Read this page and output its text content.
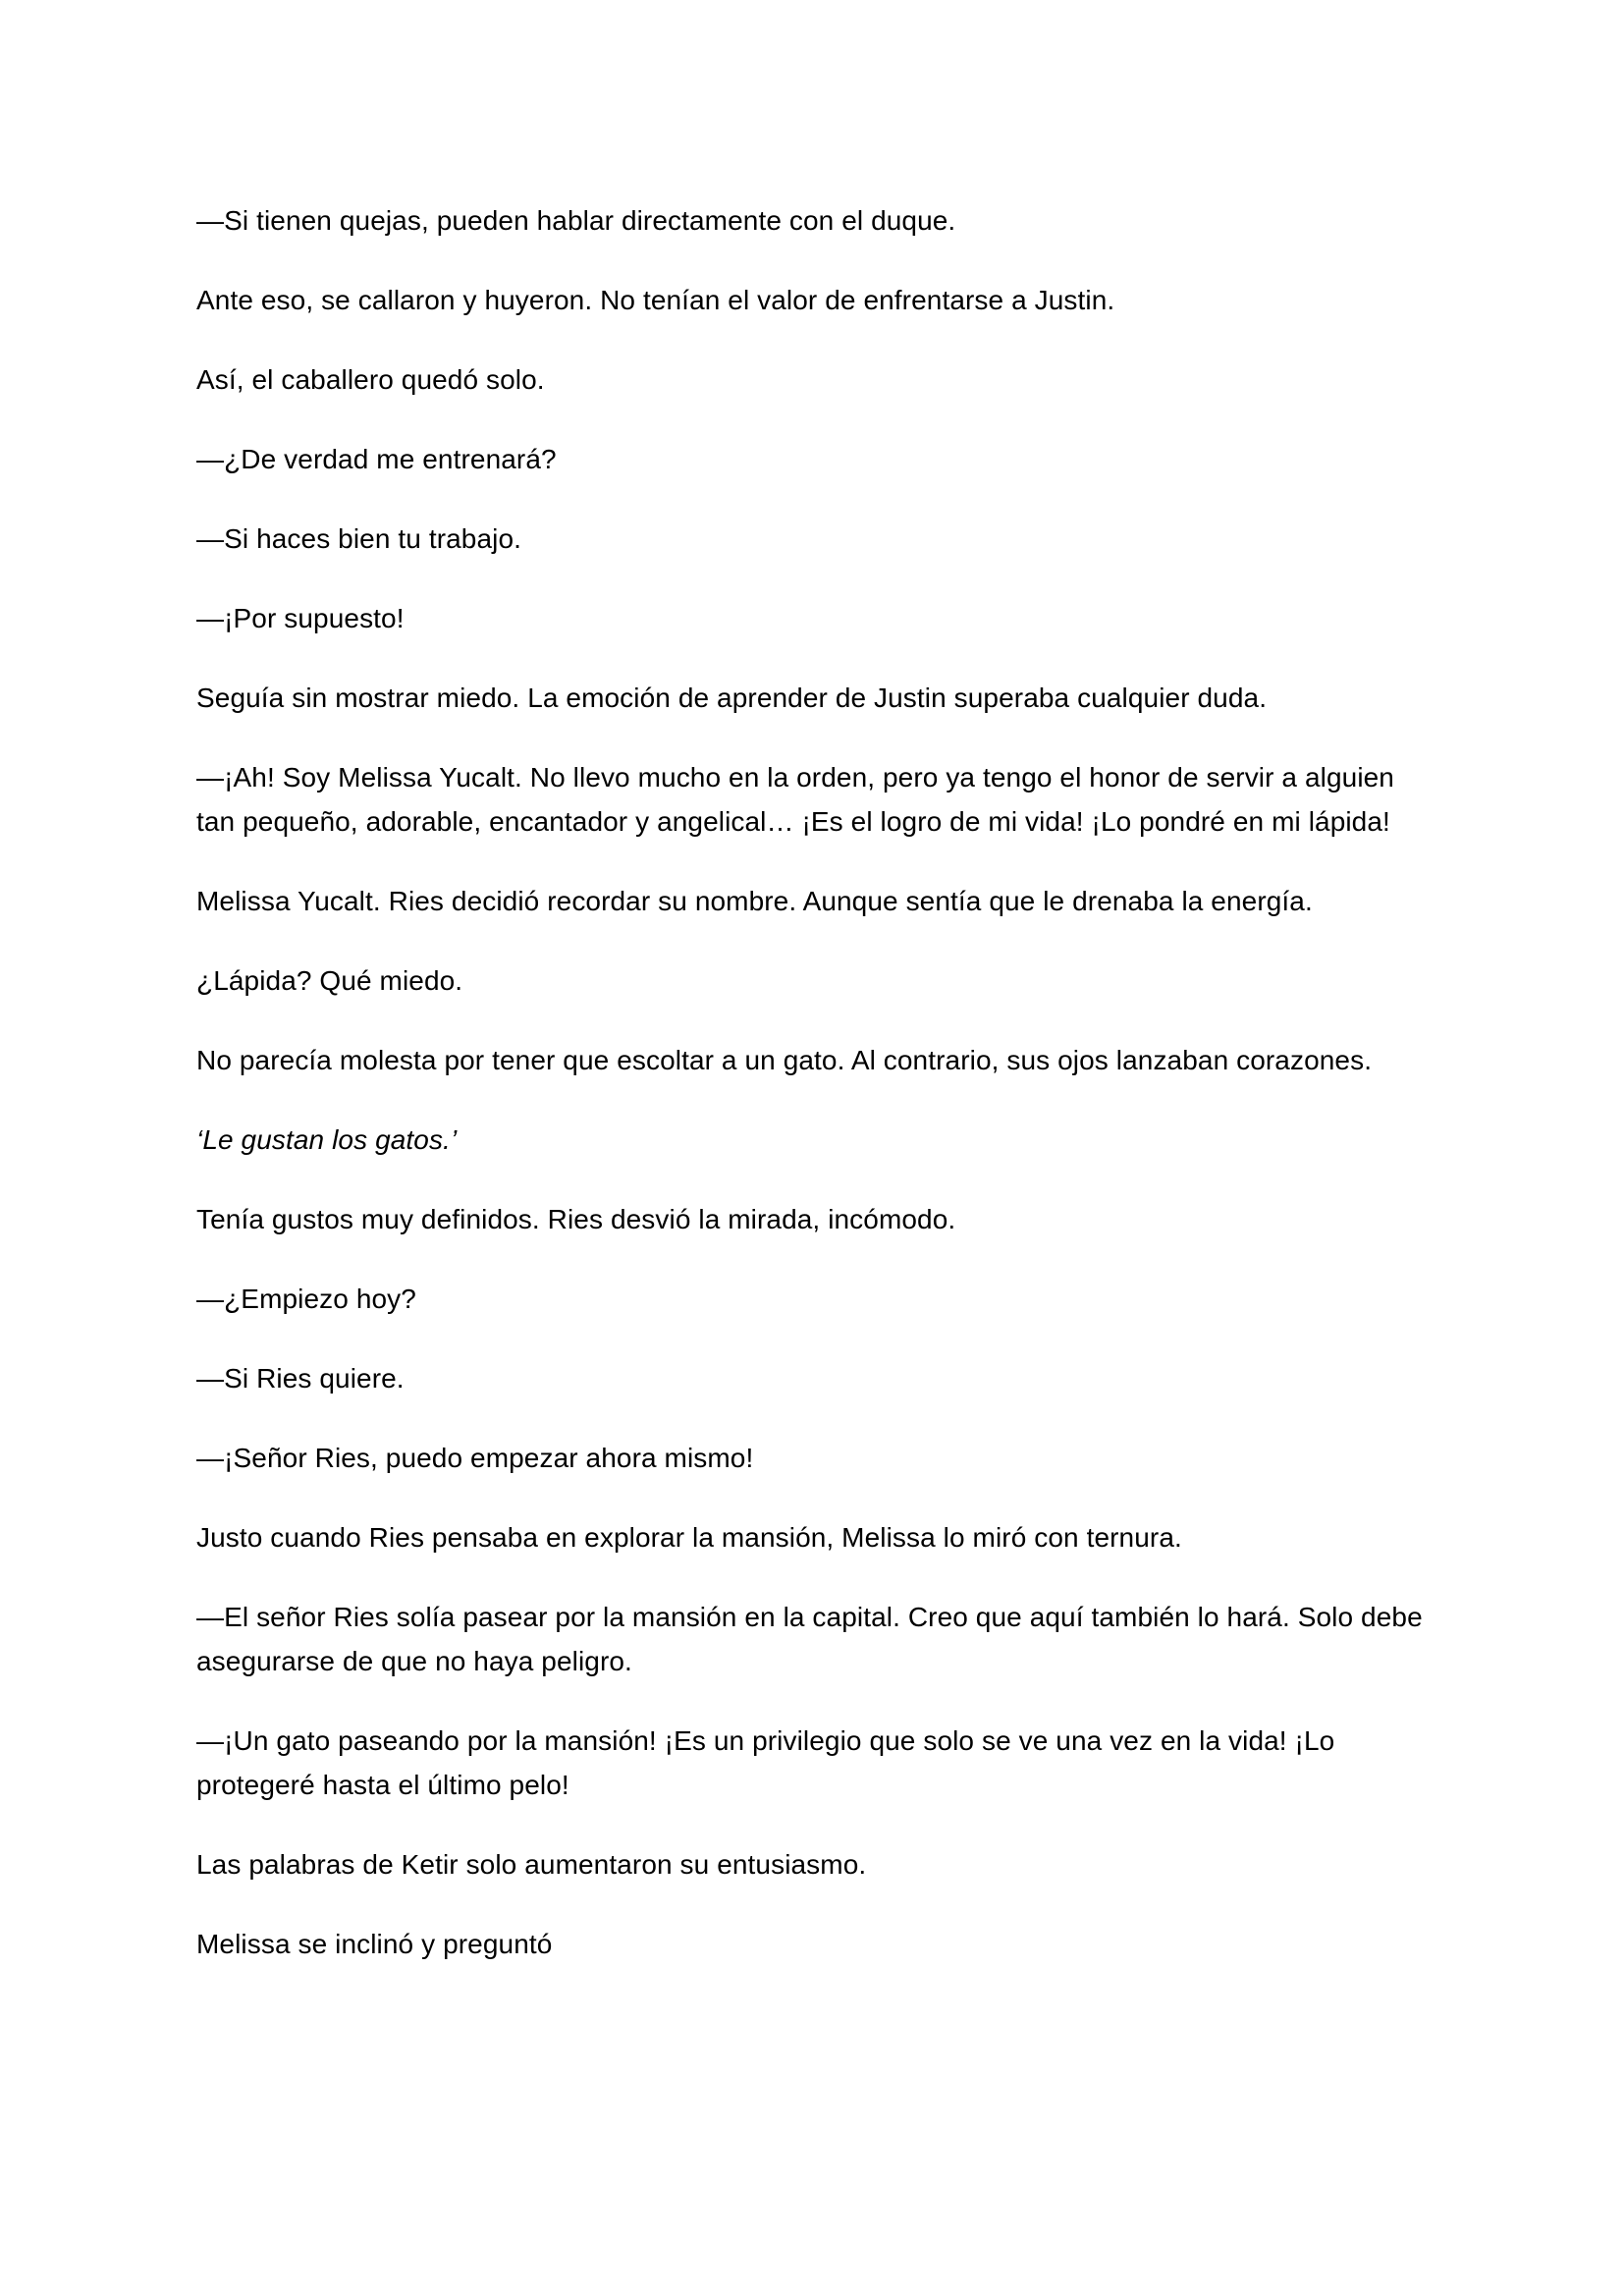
—Si tienen quejas, pueden hablar directamente con el duque.

Ante eso, se callaron y huyeron. No tenían el valor de enfrentarse a Justin.

Así, el caballero quedó solo.

—¿De verdad me entrenará?

—Si haces bien tu trabajo.

—¡Por supuesto!

Seguía sin mostrar miedo. La emoción de aprender de Justin superaba cualquier duda.

—¡Ah! Soy Melissa Yucalt. No llevo mucho en la orden, pero ya tengo el honor de servir a alguien tan pequeño, adorable, encantador y angelical… ¡Es el logro de mi vida! ¡Lo pondré en mi lápida!

Melissa Yucalt. Ries decidió recordar su nombre. Aunque sentía que le drenaba la energía.

¿Lápida? Qué miedo.

No parecía molesta por tener que escoltar a un gato. Al contrario, sus ojos lanzaban corazones.

‘Le gustan los gatos.’

Tenía gustos muy definidos. Ries desvió la mirada, incómodo.

—¿Empiezo hoy?

—Si Ries quiere.

—¡Señor Ries, puedo empezar ahora mismo!

Justo cuando Ries pensaba en explorar la mansión, Melissa lo miró con ternura.

—El señor Ries solía pasear por la mansión en la capital. Creo que aquí también lo hará. Solo debe asegurarse de que no haya peligro.

—¡Un gato paseando por la mansión! ¡Es un privilegio que solo se ve una vez en la vida! ¡Lo protegeré hasta el último pelo!

Las palabras de Ketir solo aumentaron su entusiasmo.

Melissa se inclinó y preguntó
